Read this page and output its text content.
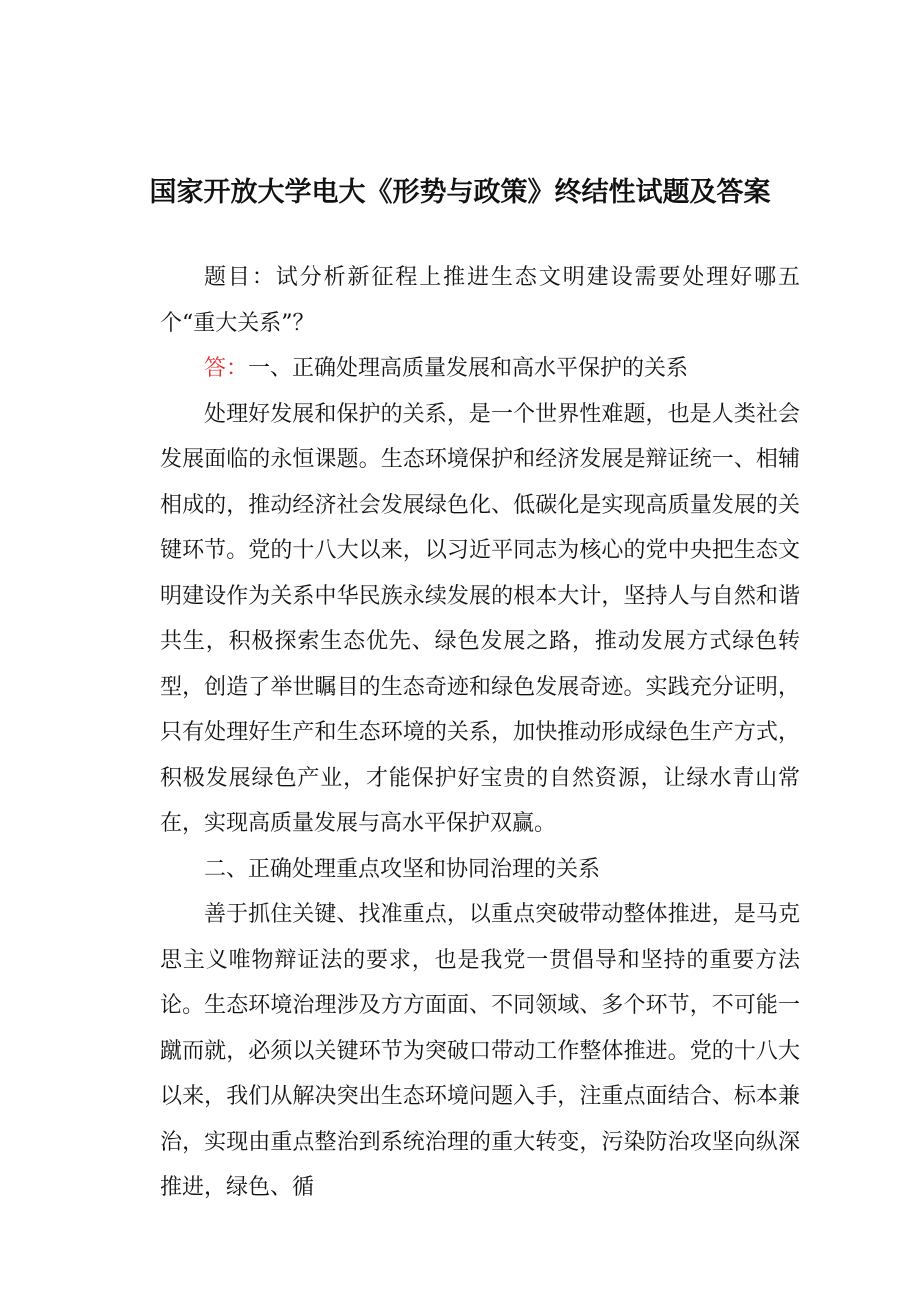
国家开放大学电大《形势与政策》终结性试题及答案

题目：试分析新征程上推进生态文明建设需要处理好哪五个“重大关系”？

答：一、正确处理高质量发展和高水平保护的关系

处理好发展和保护的关系，是一个世界性难题，也是人类社会发展面临的永恒课题。生态环境保护和经济发展是辩证统一、相辅相成的，推动经济社会发展绿色化、低碳化是实现高质量发展的关键环节。党的十八大以来，以习近平同志为核心的党中央把生态文明建设作为关系中华民族永续发展的根本大计，坚持人与自然和谐共生，积极探索生态优先、绿色发展之路，推动发展方式绿色转型，创造了举世瞩目的生态奇迹和绿色发展奇迹。实践充分证明，只有处理好生产和生态环境的关系，加快推动形成绿色生产方式，积极发展绿色产业，才能保护好宝贵的自然资源，让绿水青山常在，实现高质量发展与高水平保护双赢。

二、正确处理重点攻坚和协同治理的关系

善于抓住关键、找准重点，以重点突破带动整体推进，是马克思主义唯物辩证法的要求，也是我党一贯倡导和坚持的重要方法论。生态环境治理涉及方方面面、不同领域、多个环节，不可能一蹴而就，必须以关键环节为突破口带动工作整体推进。党的十八大以来，我们从解决突出生态环境问题入手，注重点面结合、标本兼治，实现由重点整治到系统治理的重大转变，污染防治攻坚向纵深推进，绿色、循
